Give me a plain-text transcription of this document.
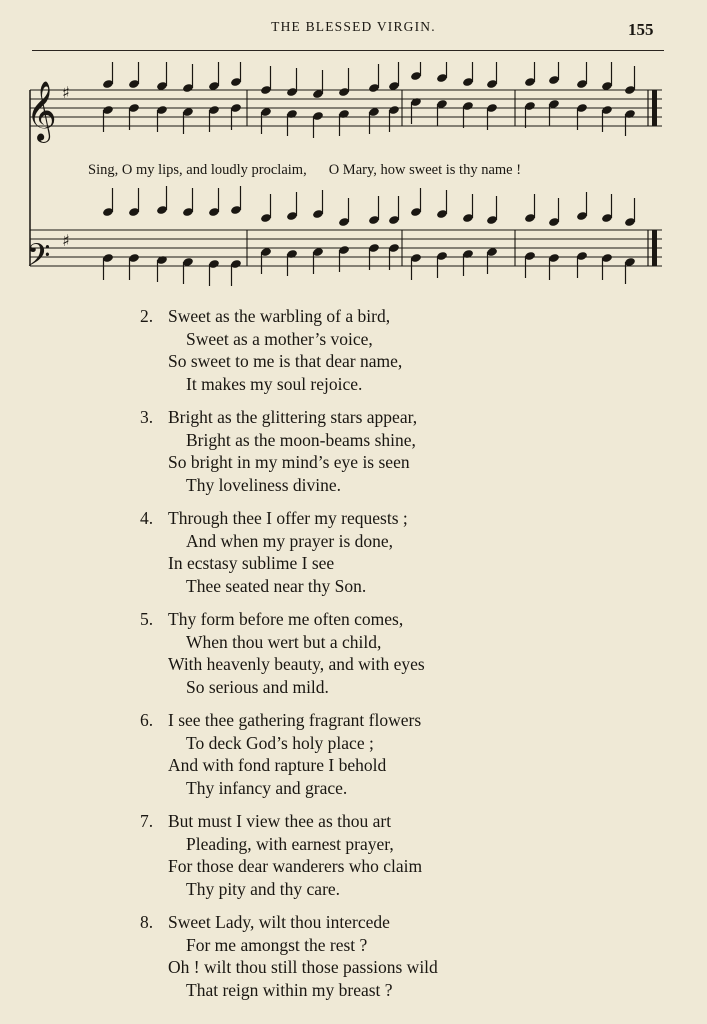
THE BLESSED VIRGIN.	155
𝄞
𝄢
♯
♯
Sing, O my lips, and loudly proclaim, O Mary, how sweet is thy name !
2. Sweet as the warbling of a bird,
Sweet as a mother’s voice,
So sweet to me is that dear name,
It makes my soul rejoice.
3. Bright as the glittering stars appear,
Bright as the moon-beams shine,
So bright in my mind’s eye is seen
Thy loveliness divine.
4. Through thee I offer my requests ;
And when my prayer is done,
In ecstasy sublime I see
Thee seated near thy Son.
5. Thy form before me often comes,
When thou wert but a child,
With heavenly beauty, and with eyes
So serious and mild.
6. I see thee gathering fragrant flowers
To deck God’s holy place ;
And with fond rapture I behold
Thy infancy and grace.
7. But must I view thee as thou art
Pleading, with earnest prayer,
For those dear wanderers who claim
Thy pity and thy care.
8. Sweet Lady, wilt thou intercede
For me amongst the rest ?
Oh ! wilt thou still those passions wild
That reign within my breast ?
